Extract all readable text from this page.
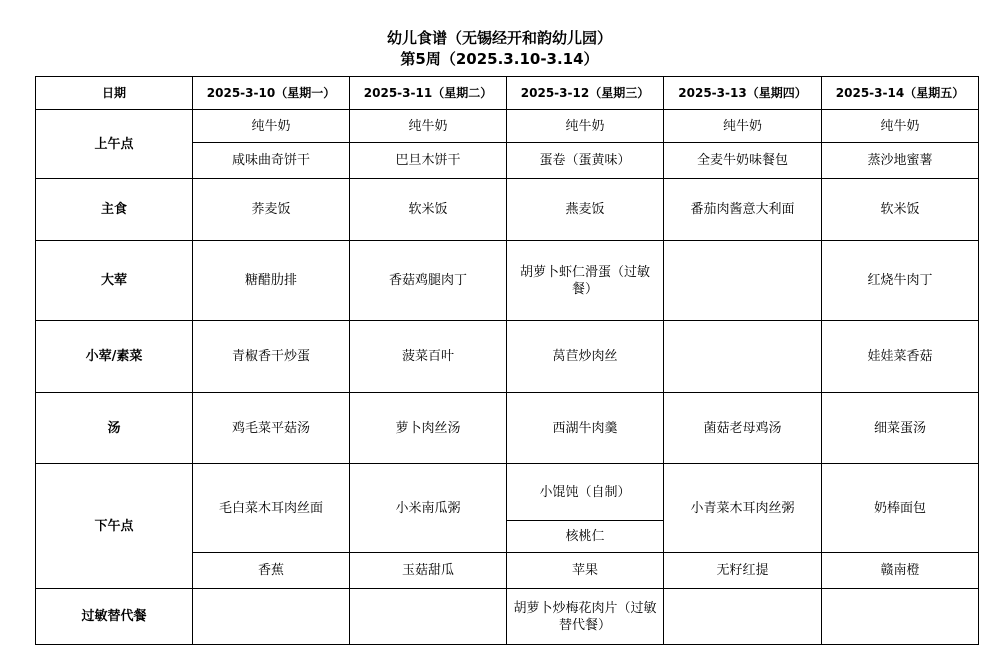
幼儿食谱（无锡经开和韵幼儿园）
第5周（2025.3.10-3.14）
日期	2025-3-10（星期一）	2025-3-11（星期二）	2025-3-12（星期三）	2025-3-13（星期四）	2025-3-14（星期五）
上午点	纯牛奶	纯牛奶	纯牛奶	纯牛奶	纯牛奶
	咸味曲奇饼干	巴旦木饼干	蛋卷（蛋黄味）	全麦牛奶味餐包	蒸沙地蜜薯
主食	荞麦饭	软米饭	燕麦饭	番茄肉酱意大利面	软米饭
大荤	糖醋肋排	香菇鸡腿肉丁	胡萝卜虾仁滑蛋（过敏餐）		红烧牛肉丁
小荤/素菜	青椒香干炒蛋	菠菜百叶	莴苣炒肉丝		娃娃菜香菇
汤	鸡毛菜平菇汤	萝卜肉丝汤	西湖牛肉羹	菌菇老母鸡汤	细菜蛋汤
下午点	毛白菜木耳肉丝面	小米南瓜粥	小馄饨（自制）	小青菜木耳肉丝粥	奶棒面包
			核桃仁		
	香蕉	玉菇甜瓜	苹果	无籽红提	赣南橙
过敏替代餐			胡萝卜炒梅花肉片（过敏替代餐）		
